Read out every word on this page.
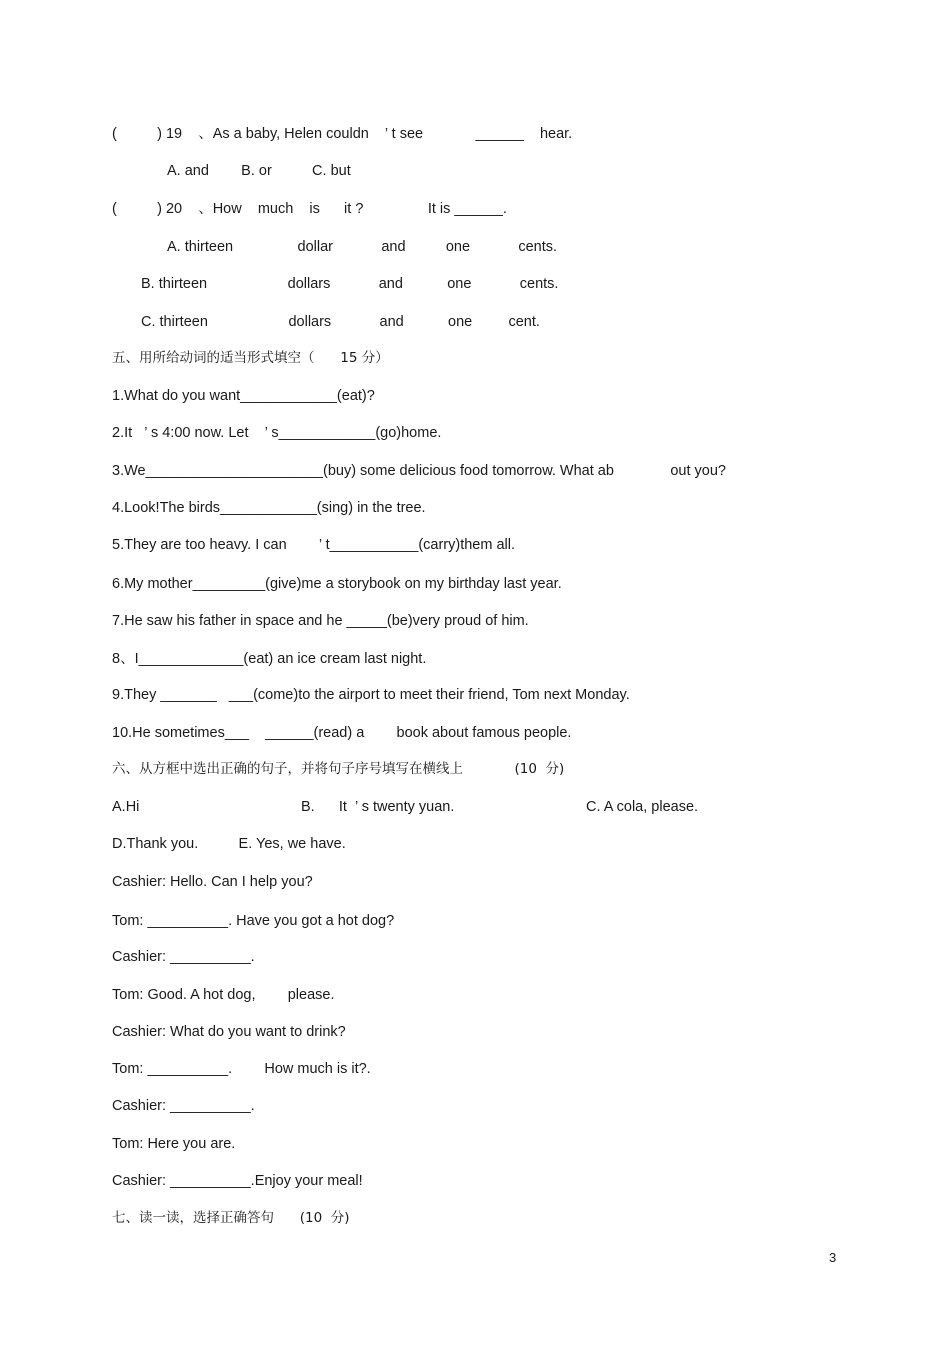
(          ) 19    、As a baby, Helen couldn    ’ t see             ______    hear.
A. and        B. or          C. but
(          ) 20    、How    much    is      it ?                It is ______.
A. thirteen                dollar            and          one            cents.
B. thirteen                    dollars            and           one            cents.
C. thirteen                    dollars            and           one         cent.
五、用所给动词的适当形式填空（      15 分）
1.What do you want____________(eat)?
2.It   ’ s 4:00 now. Let    ’ s____________(go)home.
3.We______________________(buy) some delicious food tomorrow. What ab              out you?
4.Look!The birds____________(sing) in the tree.
5.They are too heavy. I can        ’ t___________(carry)them all.
6.My mother_________(give)me a storybook on my birthday last year.
7.He saw his father in space and he _____(be)very proud of him.
8、I_____________(eat) an ice cream last night.
9.They _______   ___(come)to the airport to meet their friend, Tom next Monday.
10.He sometimes___    ______(read) a        book about famous people.
六、从方框中选出正确的句子，并将句子序号填写在横线上            (10  分)
A.Hi	B.      It  ’ s twenty yuan.	C. A cola, please.
D.Thank you.          E. Yes, we have.
Cashier: Hello. Can I help you?
Tom: __________. Have you got a hot dog?
Cashier: __________.
Tom: Good. A hot dog,        please.
Cashier: What do you want to drink?
Tom: __________.        How much is it?.
Cashier: __________.
Tom: Here you are.
Cashier: __________.Enjoy your meal!
七、读一读，选择正确答句      (10  分)
3
